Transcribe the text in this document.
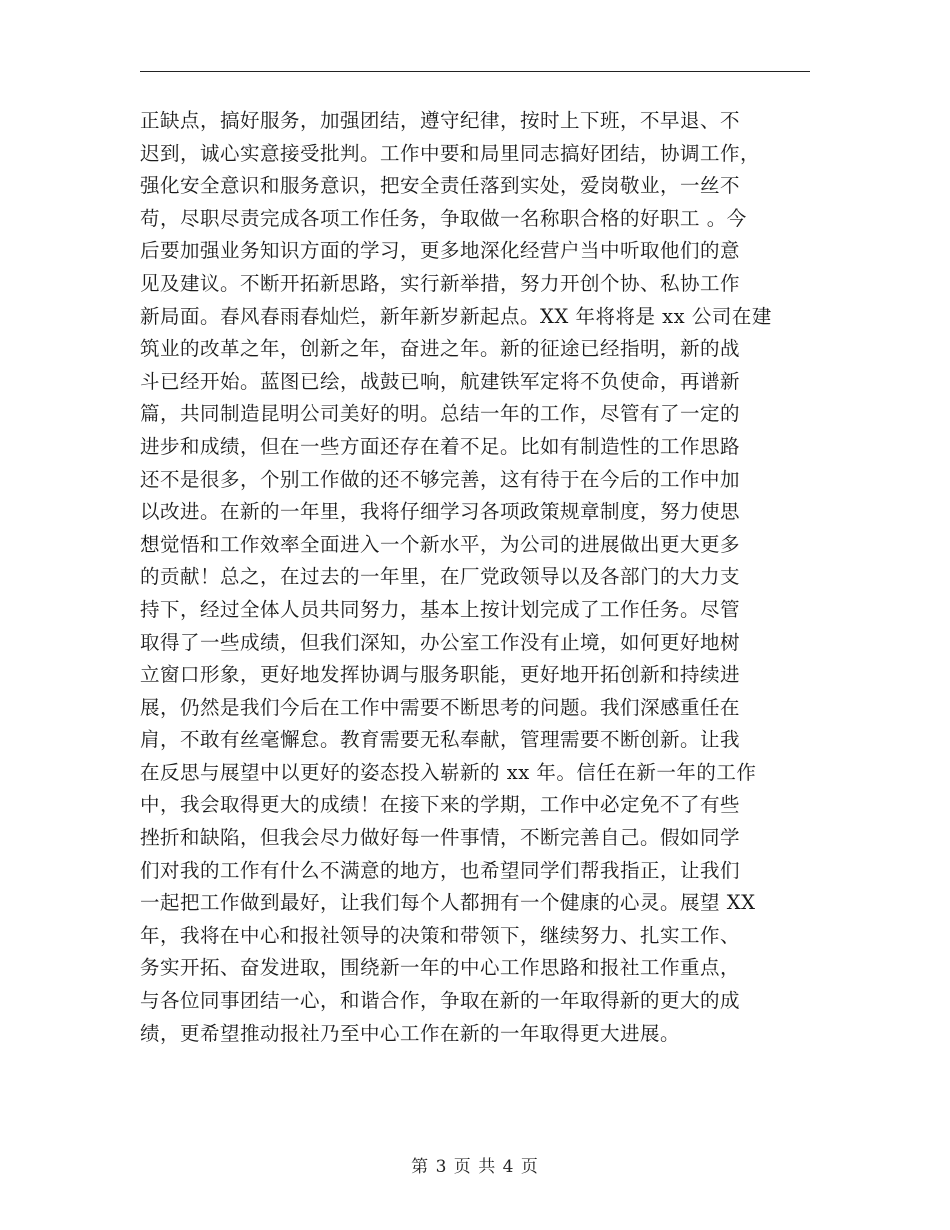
正缺点，搞好服务，加强团结，遵守纪律，按时上下班，不早退、不
迟到，诚心实意接受批判。工作中要和局里同志搞好团结，协调工作，
强化安全意识和服务意识，把安全责任落到实处，爱岗敬业，一丝不
苟，尽职尽责完成各项工作任务，争取做一名称职合格的好职工 。今
后要加强业务知识方面的学习，更多地深化经营户当中听取他们的意
见及建议。不断开拓新思路，实行新举措，努力开创个协、私协工作
新局面。春风春雨春灿烂，新年新岁新起点。XX 年将将是 xx 公司在建
筑业的改革之年，创新之年，奋进之年。新的征途已经指明，新的战
斗已经开始。蓝图已绘，战鼓已响，航建铁军定将不负使命，再谱新
篇，共同制造昆明公司美好的明。总结一年的工作，尽管有了一定的
进步和成绩，但在一些方面还存在着不足。比如有制造性的工作思路
还不是很多，个别工作做的还不够完善，这有待于在今后的工作中加
以改进。在新的一年里，我将仔细学习各项政策规章制度，努力使思
想觉悟和工作效率全面进入一个新水平，为公司的进展做出更大更多
的贡献！总之，在过去的一年里，在厂党政领导以及各部门的大力支
持下，经过全体人员共同努力，基本上按计划完成了工作任务。尽管
取得了一些成绩，但我们深知，办公室工作没有止境，如何更好地树
立窗口形象，更好地发挥协调与服务职能，更好地开拓创新和持续进
展，仍然是我们今后在工作中需要不断思考的问题。我们深感重任在
肩，不敢有丝毫懈怠。教育需要无私奉献，管理需要不断创新。让我
在反思与展望中以更好的姿态投入崭新的 xx 年。信任在新一年的工作
中，我会取得更大的成绩！在接下来的学期，工作中必定免不了有些
挫折和缺陷，但我会尽力做好每一件事情，不断完善自己。假如同学
们对我的工作有什么不满意的地方，也希望同学们帮我指正，让我们
一起把工作做到最好，让我们每个人都拥有一个健康的心灵。展望 XX
年，我将在中心和报社领导的决策和带领下，继续努力、扎实工作、
务实开拓、奋发进取，围绕新一年的中心工作思路和报社工作重点，
与各位同事团结一心，和谐合作，争取在新的一年取得新的更大的成
绩，更希望推动报社乃至中心工作在新的一年取得更大进展。
第 3 页 共 4 页
